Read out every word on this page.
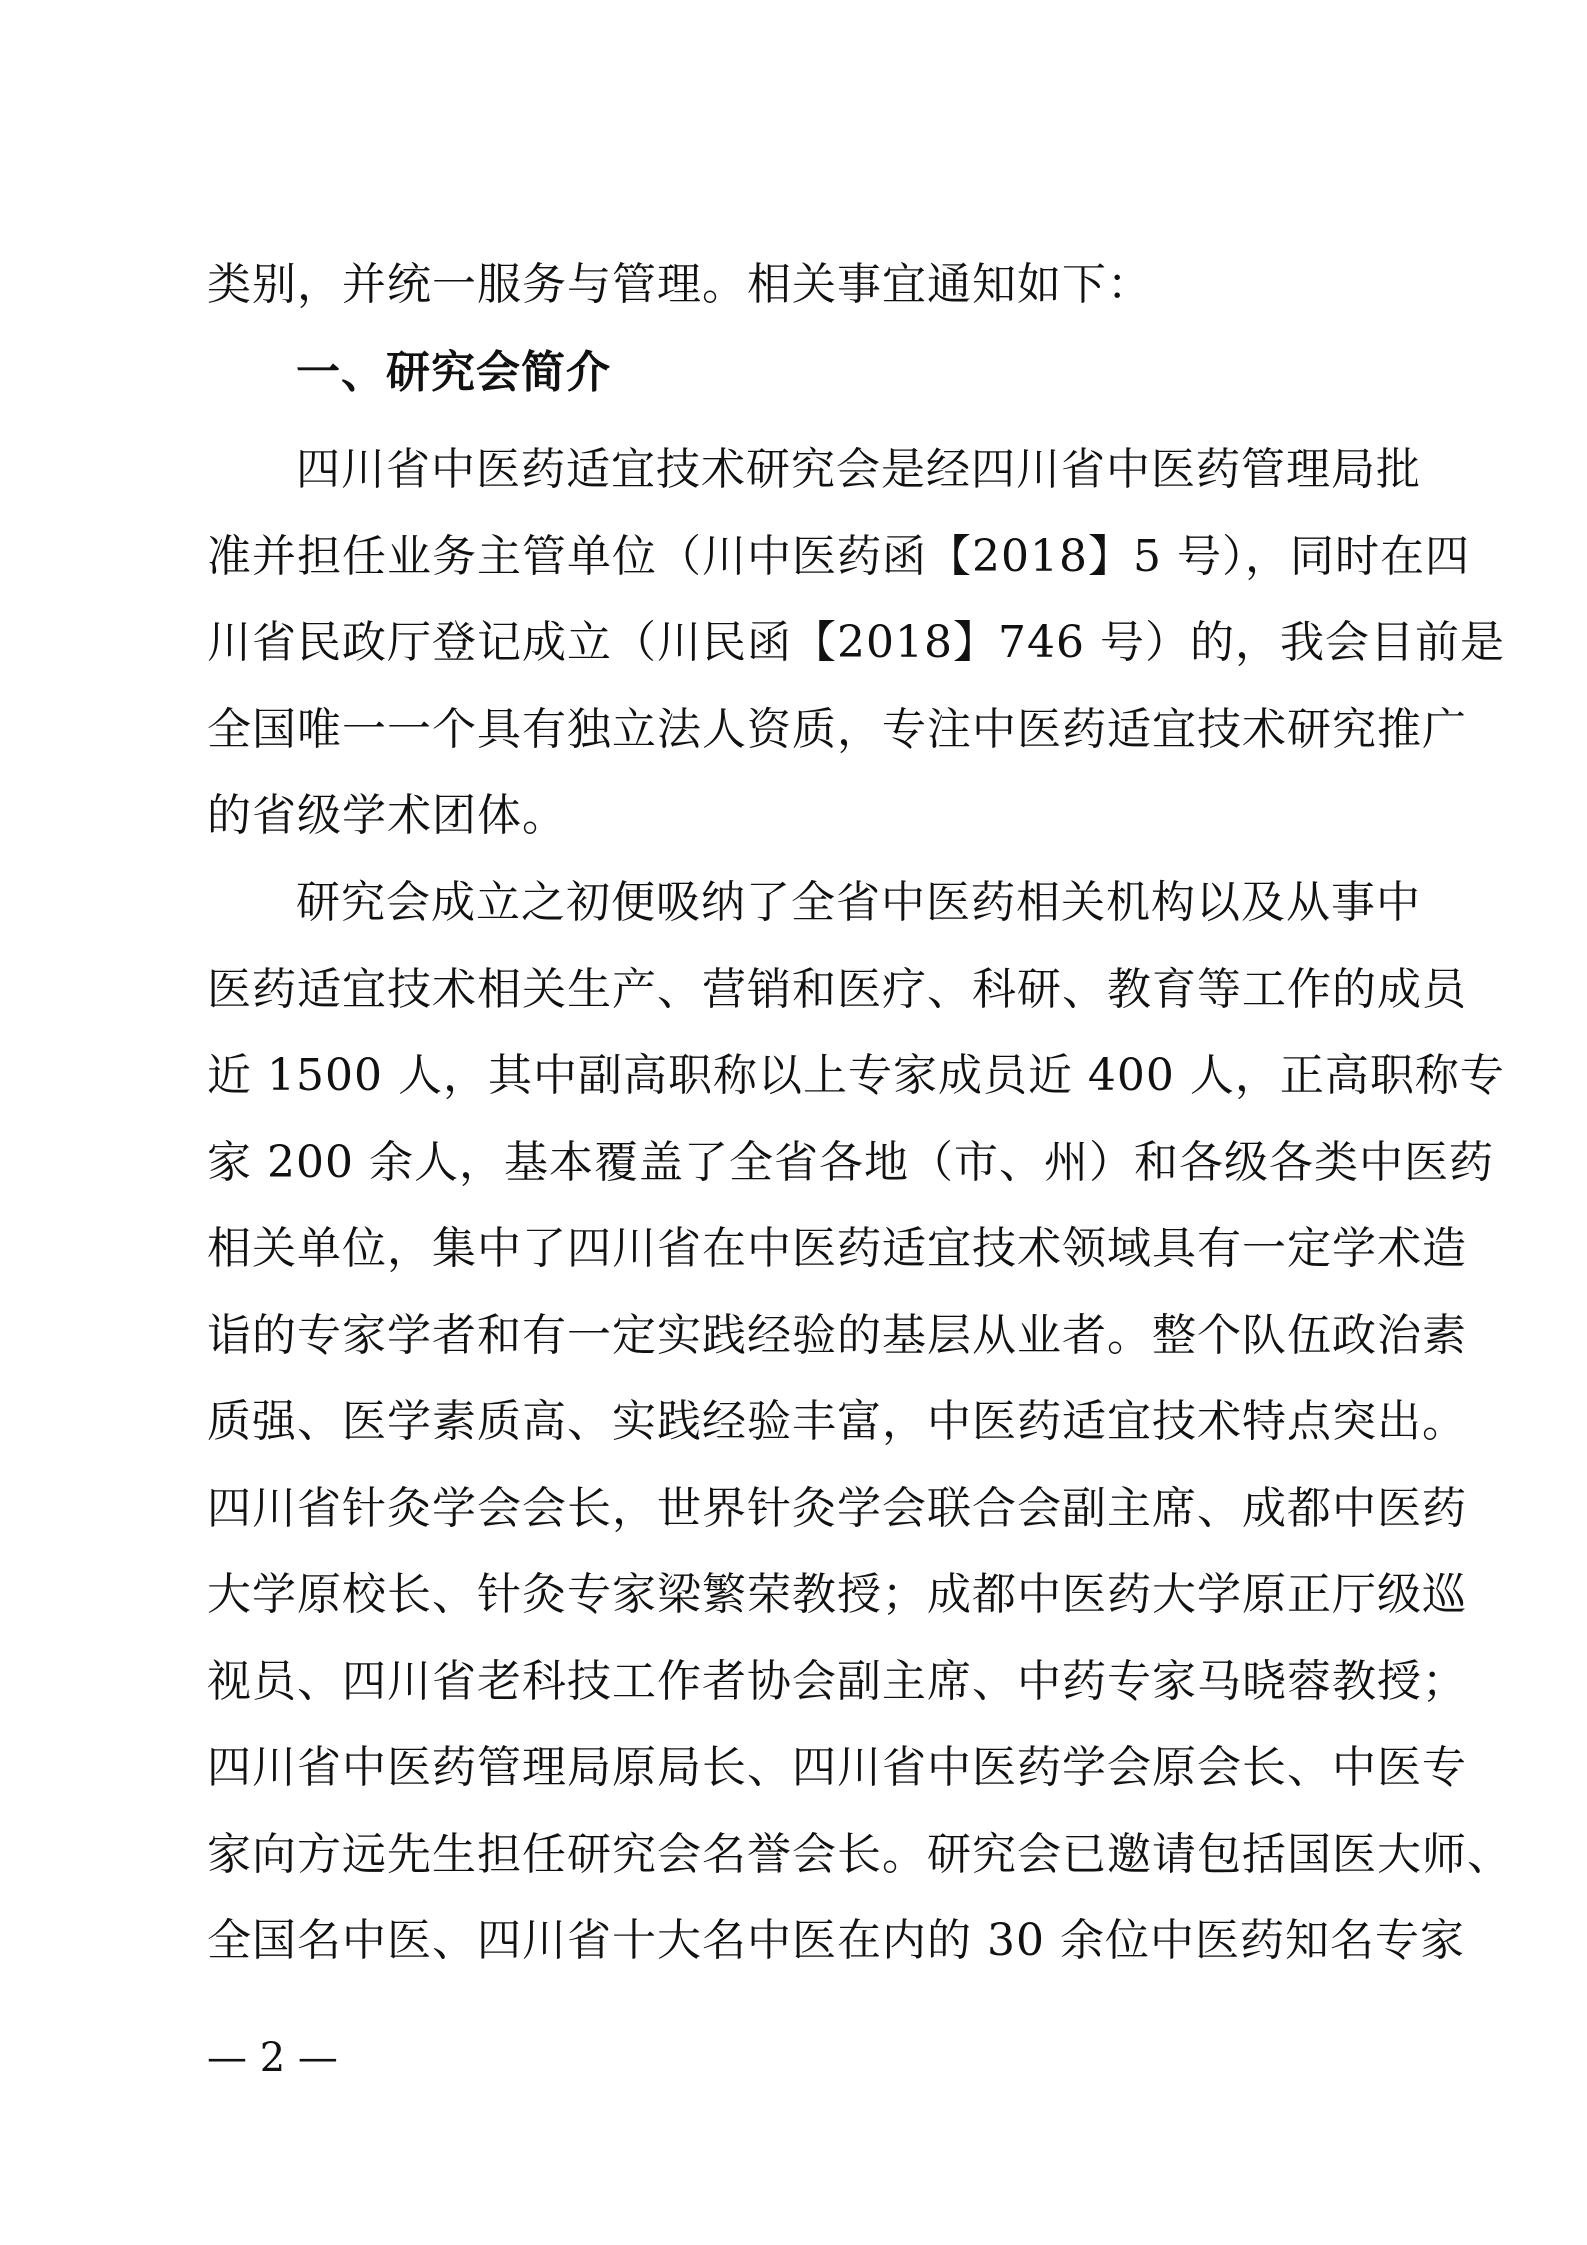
类别，并统一服务与管理。相关事宜通知如下：
一、研究会简介
四川省中医药适宜技术研究会是经四川省中医药管理局批
准并担任业务主管单位（川中医药函【2018】5 号），同时在四
川省民政厅登记成立（川民函【2018】746 号）的，我会目前是
全国唯一一个具有独立法人资质，专注中医药适宜技术研究推广
的省级学术团体。
研究会成立之初便吸纳了全省中医药相关机构以及从事中
医药适宜技术相关生产、营销和医疗、科研、教育等工作的成员
近 1500 人，其中副高职称以上专家成员近 400 人，正高职称专
家 200 余人，基本覆盖了全省各地（市、州）和各级各类中医药
相关单位，集中了四川省在中医药适宜技术领域具有一定学术造
诣的专家学者和有一定实践经验的基层从业者。整个队伍政治素
质强、医学素质高、实践经验丰富，中医药适宜技术特点突出。
四川省针灸学会会长，世界针灸学会联合会副主席、成都中医药
大学原校长、针灸专家梁繁荣教授；成都中医药大学原正厅级巡
视员、四川省老科技工作者协会副主席、中药专家马晓蓉教授；
四川省中医药管理局原局长、四川省中医药学会原会长、中医专
家向方远先生担任研究会名誉会长。研究会已邀请包括国医大师、
全国名中医、四川省十大名中医在内的 30 余位中医药知名专家
— 2 —
